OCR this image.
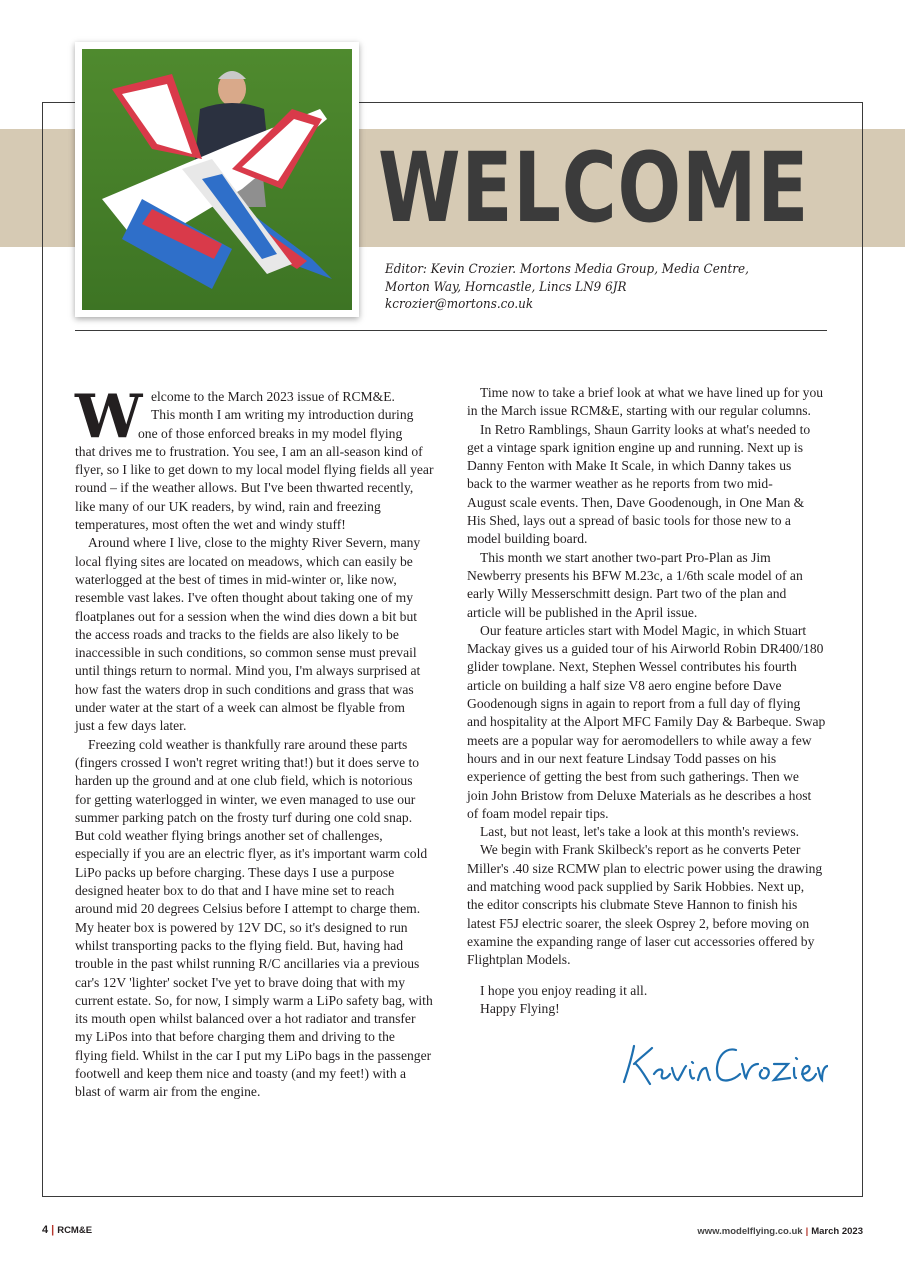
WELCOME
Editor: Kevin Crozier. Mortons Media Group, Media Centre,
Morton Way, Horncastle, Lincs LN9 6JR
kcrozier@mortons.co.uk
W elcome to the March 2023 issue of RCM&E.
This month I am writing my introduction during
one of those enforced breaks in my model flying
that drives me to frustration. You see, I am an all-season kind of
flyer, so I like to get down to my local model flying fields all year
round – if the weather allows. But I've been thwarted recently,
like many of our UK readers, by wind, rain and freezing
temperatures, most often the wet and windy stuff!
Around where I live, close to the mighty River Severn, many
local flying sites are located on meadows, which can easily be
waterlogged at the best of times in mid-winter or, like now,
resemble vast lakes. I've often thought about taking one of my
floatplanes out for a session when the wind dies down a bit but
the access roads and tracks to the fields are also likely to be
inaccessible in such conditions, so common sense must prevail
until things return to normal. Mind you, I'm always surprised at
how fast the waters drop in such conditions and grass that was
under water at the start of a week can almost be flyable from
just a few days later.
Freezing cold weather is thankfully rare around these parts
(fingers crossed I won't regret writing that!) but it does serve to
harden up the ground and at one club field, which is notorious
for getting waterlogged in winter, we even managed to use our
summer parking patch on the frosty turf during one cold snap.
But cold weather flying brings another set of challenges,
especially if you are an electric flyer, as it's important warm cold
LiPo packs up before charging. These days I use a purpose
designed heater box to do that and I have mine set to reach
around mid 20 degrees Celsius before I attempt to charge them.
My heater box is powered by 12V DC, so it's designed to run
whilst transporting packs to the flying field. But, having had
trouble in the past whilst running R/C ancillaries via a previous
car's 12V 'lighter' socket I've yet to brave doing that with my
current estate. So, for now, I simply warm a LiPo safety bag, with
its mouth open whilst balanced over a hot radiator and transfer
my LiPos into that before charging them and driving to the
flying field. Whilst in the car I put my LiPo bags in the passenger
footwell and keep them nice and toasty (and my feet!) with a
blast of warm air from the engine.
Time now to take a brief look at what we have lined up for you
in the March issue RCM&E, starting with our regular columns.
In Retro Ramblings, Shaun Garrity looks at what's needed to
get a vintage spark ignition engine up and running. Next up is
Danny Fenton with Make It Scale, in which Danny takes us
back to the warmer weather as he reports from two mid-
August scale events. Then, Dave Goodenough, in One Man &
His Shed, lays out a spread of basic tools for those new to a
model building board.
This month we start another two-part Pro-Plan as Jim
Newberry presents his BFW M.23c, a 1/6th scale model of an
early Willy Messerschmitt design. Part two of the plan and
article will be published in the April issue.
Our feature articles start with Model Magic, in which Stuart
Mackay gives us a guided tour of his Airworld Robin DR400/180
glider towplane. Next, Stephen Wessel contributes his fourth
article on building a half size V8 aero engine before Dave
Goodenough signs in again to report from a full day of flying
and hospitality at the Alport MFC Family Day & Barbeque. Swap
meets are a popular way for aeromodellers to while away a few
hours and in our next feature Lindsay Todd passes on his
experience of getting the best from such gatherings. Then we
join John Bristow from Deluxe Materials as he describes a host
of foam model repair tips.
Last, but not least, let's take a look at this month's reviews.
We begin with Frank Skilbeck's report as he converts Peter
Miller's .40 size RCMW plan to electric power using the drawing
and matching wood pack supplied by Sarik Hobbies. Next up,
the editor conscripts his clubmate Steve Hannon to finish his
latest F5J electric soarer, the sleek Osprey 2, before moving on
examine the expanding range of laser cut accessories offered by
Flightplan Models.
I hope you enjoy reading it all.
Happy Flying!
4 | RCM&E	www.modelflying.co.uk | March 2023
